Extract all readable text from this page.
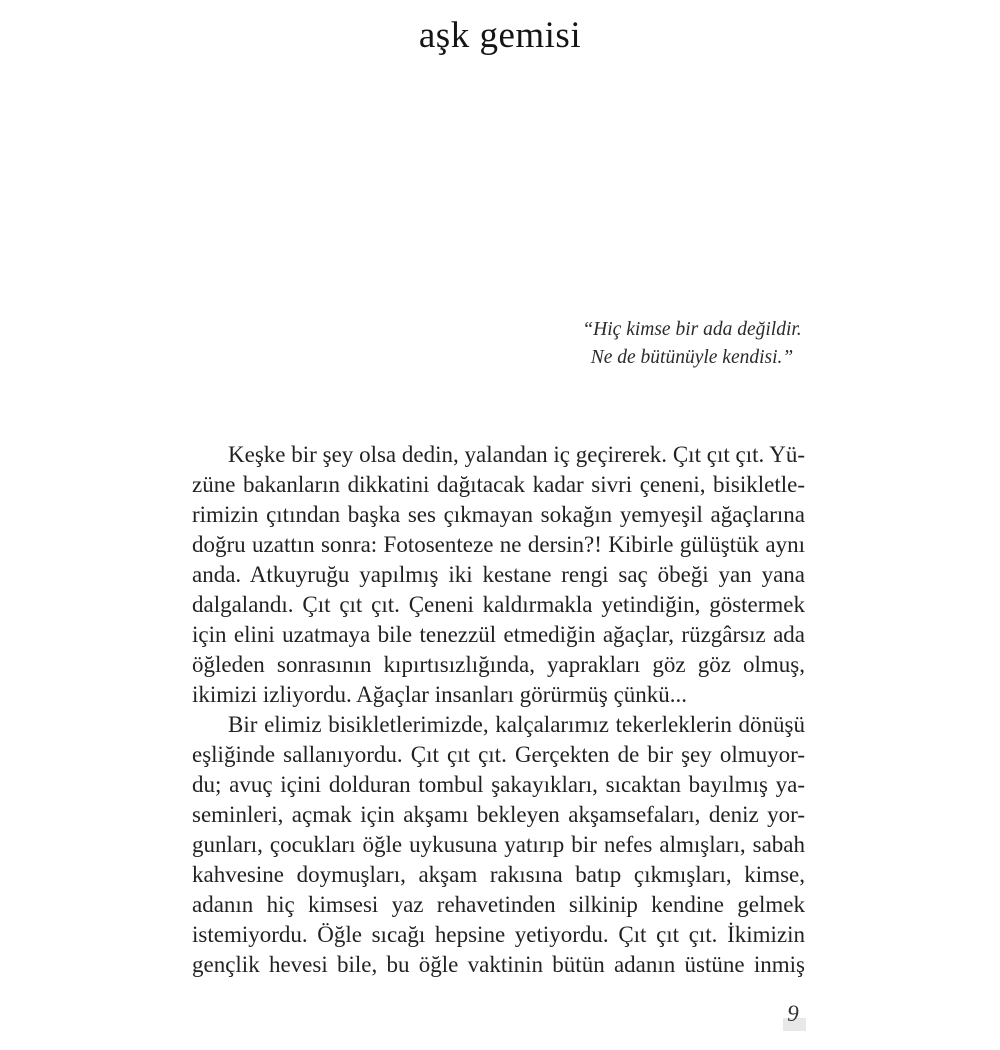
aşk gemisi
“Hiç kimse bir ada değildir.
Ne de bütünüyle kendisi.”
Keşke bir şey olsa dedin, yalandan iç geçirerek. Çıt çıt çıt. Yü-
züne bakanların dikkatini dağıtacak kadar sivri çeneni, bisikletle-
rimizin çıtından başka ses çıkmayan sokağın yemyeşil ağaçlarına
doğru uzattın sonra: Fotosenteze ne dersin?! Kibirle gülüştük aynı
anda. Atkuyruğu yapılmış iki kestane rengi saç öbeği yan yana
dalgalandı. Çıt çıt çıt. Çeneni kaldırmakla yetindiğin, göstermek
için elini uzatmaya bile tenezzül etmediğin ağaçlar, rüzgârsız ada
öğleden sonrasının kıpırtısızlığında, yaprakları göz göz olmuş,
ikimizi izliyordu. Ağaçlar insanları görürmüş çünkü...
Bir elimiz bisikletlerimizde, kalçalarımız tekerleklerin dönüşü
eşliğinde sallanıyordu. Çıt çıt çıt. Gerçekten de bir şey olmuyor-
du; avuç içini dolduran tombul şakayıkları, sıcaktan bayılmış ya-
seminleri, açmak için akşamı bekleyen akşamsefaları, deniz yor-
gunları, çocukları öğle uykusuna yatırıp bir nefes almışları, sabah
kahvesine doymuşları, akşam rakısına batıp çıkmışları, kimse,
adanın hiç kimsesi yaz rehavetinden silkinip kendine gelmek
istemiyordu. Öğle sıcağı hepsine yetiyordu. Çıt çıt çıt. İkimizin
gençlik hevesi bile, bu öğle vaktinin bütün adanın üstüne inmiş
9
